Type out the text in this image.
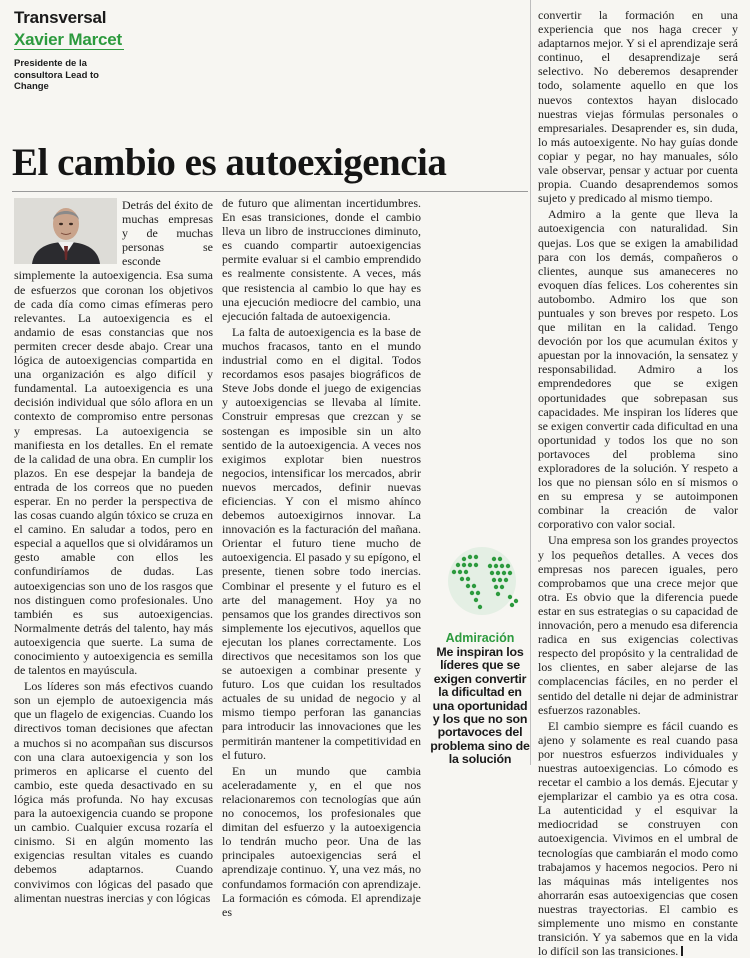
Transversal
Xavier Marcet
Presidente de la consultora Lead to Change
El cambio es autoexigencia

Detrás del éxito de muchas empresas y de muchas personas se esconde simplemente la autoexigencia. Esa suma de esfuerzos que coronan los objetivos de cada día como cimas efímeras pero relevantes. La autoexigencia es el andamio de esas constancias que nos permiten crecer desde abajo. Crear una lógica de autoexigencias compartida en una organización es algo difícil y fundamental. La autoexigencia es una decisión individual que sólo aflora en un contexto de compromiso entre personas y empresas. La autoexigencia se manifiesta en los detalles. En el remate de la calidad de una obra. En cumplir los plazos. En ese despejar la bandeja de entrada de los correos que no pueden esperar. En no perder la perspectiva de las cosas cuando algún tóxico se cruza en el camino. En saludar a todos, pero en especial a aquellos que si olvidáramos un gesto amable con ellos les confundiríamos de dudas. Las autoexigencias son uno de los rasgos que nos distinguen como profesionales. Uno también es sus autoexigencias. Normalmente detrás del talento, hay más autoexigencia que suerte. La suma de conocimiento y autoexigencia es semilla de talentos en mayúscula.

Los líderes son más efectivos cuando son un ejemplo de autoexigencia más que un flagelo de exigencias. Cuando los directivos toman decisiones que afectan a muchos si no acompañan sus discursos con una clara autoexigencia y son los primeros en aplicarse el cuento del cambio, este queda desactivado en su lógica más profunda. No hay excusas para la autoexigencia cuando se propone un cambio. Cualquier excusa rozaría el cinismo. Si en algún momento las exigencias resultan vitales es cuando debemos adaptarnos. Cuando convivimos con lógicas del pasado que alimentan nuestras inercias y con lógicas

de futuro que alimentan incertidumbres. En esas transiciones, donde el cambio lleva un libro de instrucciones diminuto, es cuando compartir autoexigencias permite evaluar si el cambio emprendido es realmente consistente. A veces, más que resistencia al cambio lo que hay es una ejecución mediocre del cambio, una ejecución faltada de autoexigencia.

La falta de autoexigencia es la base de muchos fracasos, tanto en el mundo industrial como en el digital. Todos recordamos esos pasajes biográficos de Steve Jobs donde el juego de exigencias y autoexigencias se llevaba al límite. Construir empresas que crezcan y se sostengan es imposible sin un alto sentido de la autoexigencia. A veces nos exigimos explotar bien nuestros negocios, intensificar los mercados, abrir nuevos mercados, definir nuevas eficiencias. Y con el mismo ahínco debemos autoexigirnos innovar. La innovación es la facturación del mañana. Orientar el futuro tiene mucho de autoexigencia. El pasado y su epígono, el presente, tienen sobre todo inercias. Combinar el presente y el futuro es el arte del management. Hoy ya no pensamos que los grandes directivos son simplemente los ejecutivos, aquellos que ejecutan los planes correctamente. Los directivos que necesitamos son los que se autoexigen a combinar presente y futuro. Los que cuidan los resultados actuales de su unidad de negocio y al mismo tiempo perforan las ganancias para introducir las innovaciones que les permitirán mantener la competitividad en el futuro.

En un mundo que cambia aceleradamente y, en el que nos relacionaremos con tecnologías que aún no conocemos, los profesionales que dimitan del esfuerzo y la autoexigencia lo tendrán mucho peor. Una de las principales autoexigencias será el aprendizaje continuo. Y, una vez más, no confundamos formación con aprendizaje. La formación es cómoda. El aprendizaje es

convertir la formación en una experiencia que nos haga crecer y adaptarnos mejor. Y si el aprendizaje será continuo, el desaprendizaje será selectivo. No deberemos desaprender todo, solamente aquello en que los nuevos contextos hayan dislocado nuestras viejas fórmulas personales o empresariales. Desaprender es, sin duda, lo más autoexigente. No hay guías donde copiar y pegar, no hay manuales, sólo vale observar, pensar y actuar por cuenta propia. Cuando desaprendemos somos sujeto y predicado al mismo tiempo.

Admiro a la gente que lleva la autoexigencia con naturalidad. Sin quejas. Los que se exigen la amabilidad para con los demás, compañeros o clientes, aunque sus amaneceres no evoquen días felices. Los coherentes sin autobombo. Admiro los que son puntuales y son breves por respeto. Los que militan en la calidad. Tengo devoción por los que acumulan éxitos y apuestan por la innovación, la sensatez y responsabilidad. Admiro a los emprendedores que se exigen oportunidades que sobrepasan sus capacidades. Me inspiran los líderes que se exigen convertir cada dificultad en una oportunidad y todos los que no son portavoces del problema sino exploradores de la solución. Y respeto a los que no piensan sólo en sí mismos o en su empresa y se autoimponen combinar la creación de valor corporativo con valor social.

Una empresa son los grandes proyectos y los pequeños detalles. A veces dos empresas nos parecen iguales, pero comprobamos que una crece mejor que otra. Es obvio que la diferencia puede estar en sus estrategias o su capacidad de innovación, pero a menudo esa diferencia radica en sus exigencias colectivas respecto del propósito y la centralidad de los clientes, en saber alejarse de las complacencias fáciles, en no perder el sentido del detalle ni dejar de administrar esfuerzos razonables.

El cambio siempre es fácil cuando es ajeno y solamente es real cuando pasa por nuestros esfuerzos individuales y nuestras autoexigencias. Lo cómodo es recetar el cambio a los demás. Ejecutar y ejemplarizar el cambio ya es otra cosa. La autenticidad y el esquivar la mediocridad se construyen con autoexigencia. Vivimos en el umbral de tecnologías que cambiarán el modo como trabajamos y hacemos negocios. Pero ni las máquinas más inteligentes nos ahorrarán esas autoexigencias que cosen nuestras trayectorias. El cambio es simplemente uno mismo en constante transición. Y ya sabemos que en la vida lo difícil son las transiciones.

Admiración
Me inspiran los líderes que se exigen convertir la dificultad en una oportunidad y los que no son portavoces del problema sino de la solución
